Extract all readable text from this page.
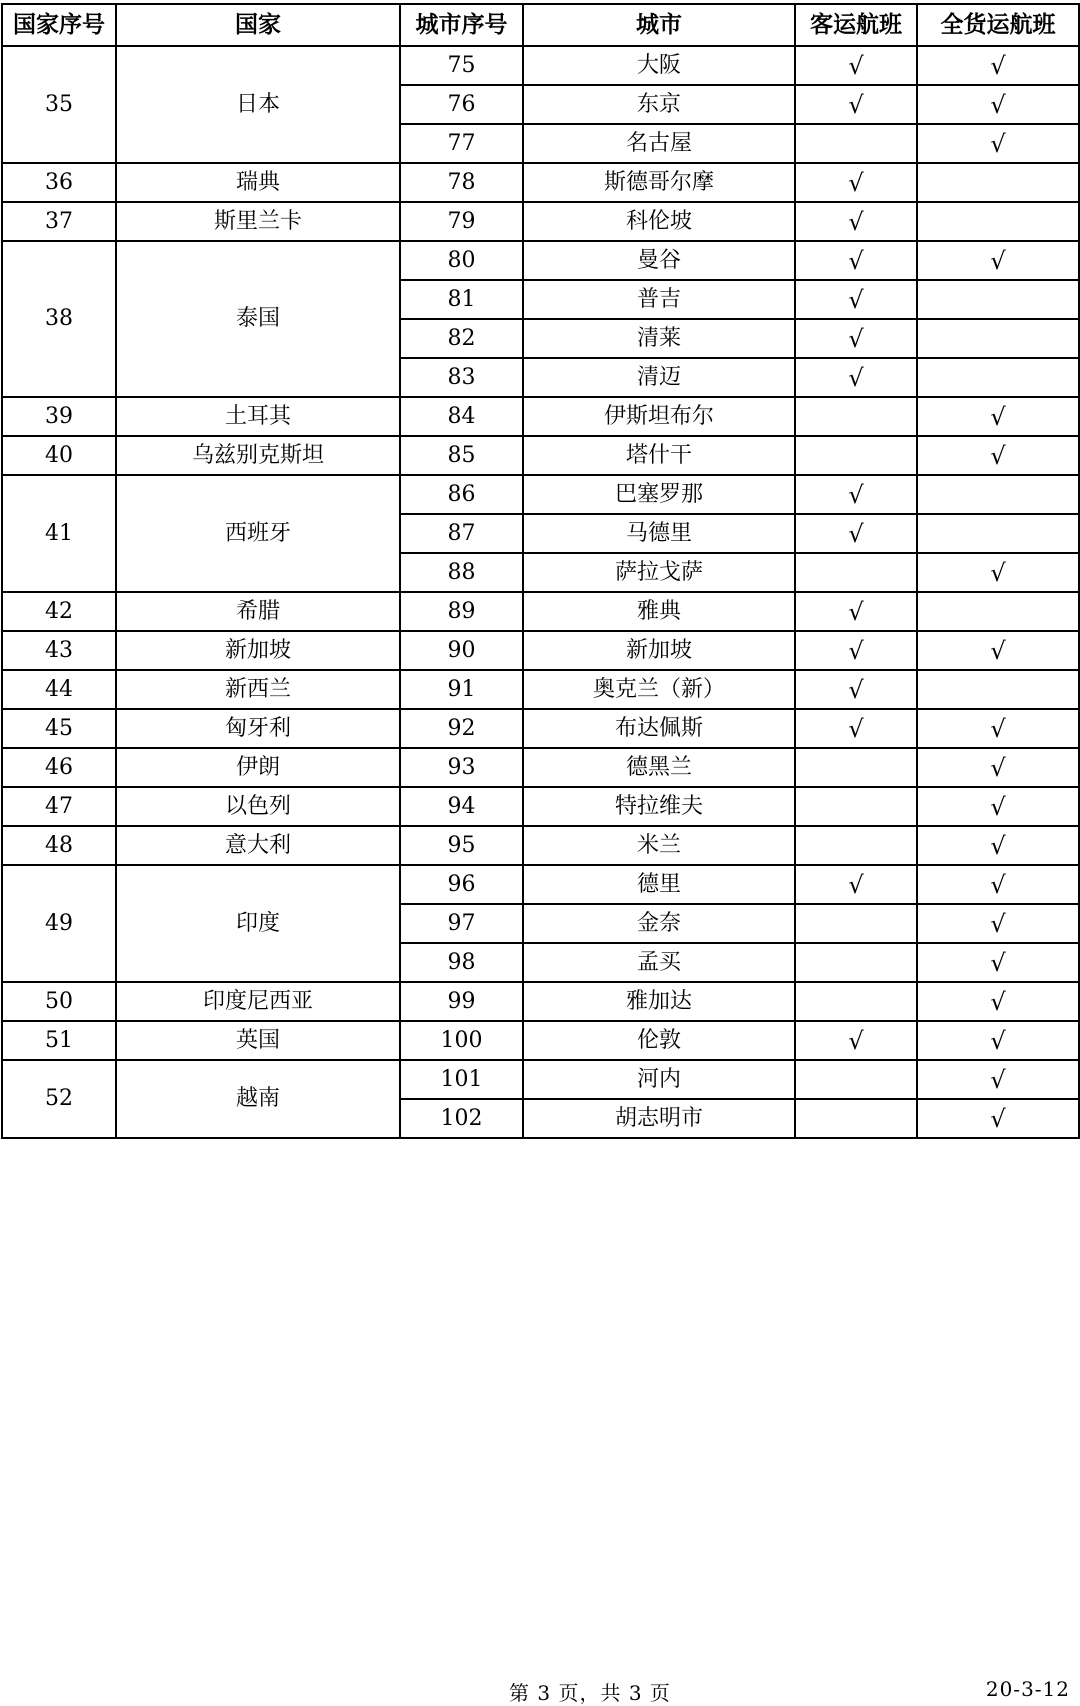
国家序号	国家	城市序号	城市	客运航班	全货运航班
35	日本	75	大阪	√	√
		76	东京	√	√
		77	名古屋		√
36	瑞典	78	斯德哥尔摩	√	
37	斯里兰卡	79	科伦坡	√	
38	泰国	80	曼谷	√	√
		81	普吉	√	
		82	清莱	√	
		83	清迈	√	
39	土耳其	84	伊斯坦布尔		√
40	乌兹别克斯坦	85	塔什干		√
41	西班牙	86	巴塞罗那	√	
		87	马德里	√	
		88	萨拉戈萨		√
42	希腊	89	雅典	√	
43	新加坡	90	新加坡	√	√
44	新西兰	91	奥克兰（新）	√	
45	匈牙利	92	布达佩斯	√	√
46	伊朗	93	德黑兰		√
47	以色列	94	特拉维夫		√
48	意大利	95	米兰		√
49	印度	96	德里	√	√
		97	金奈		√
		98	孟买		√
50	印度尼西亚	99	雅加达		√
51	英国	100	伦敦	√	√
52	越南	101	河内		√
		102	胡志明市		√
第 3 页，共 3 页	20-3-12
